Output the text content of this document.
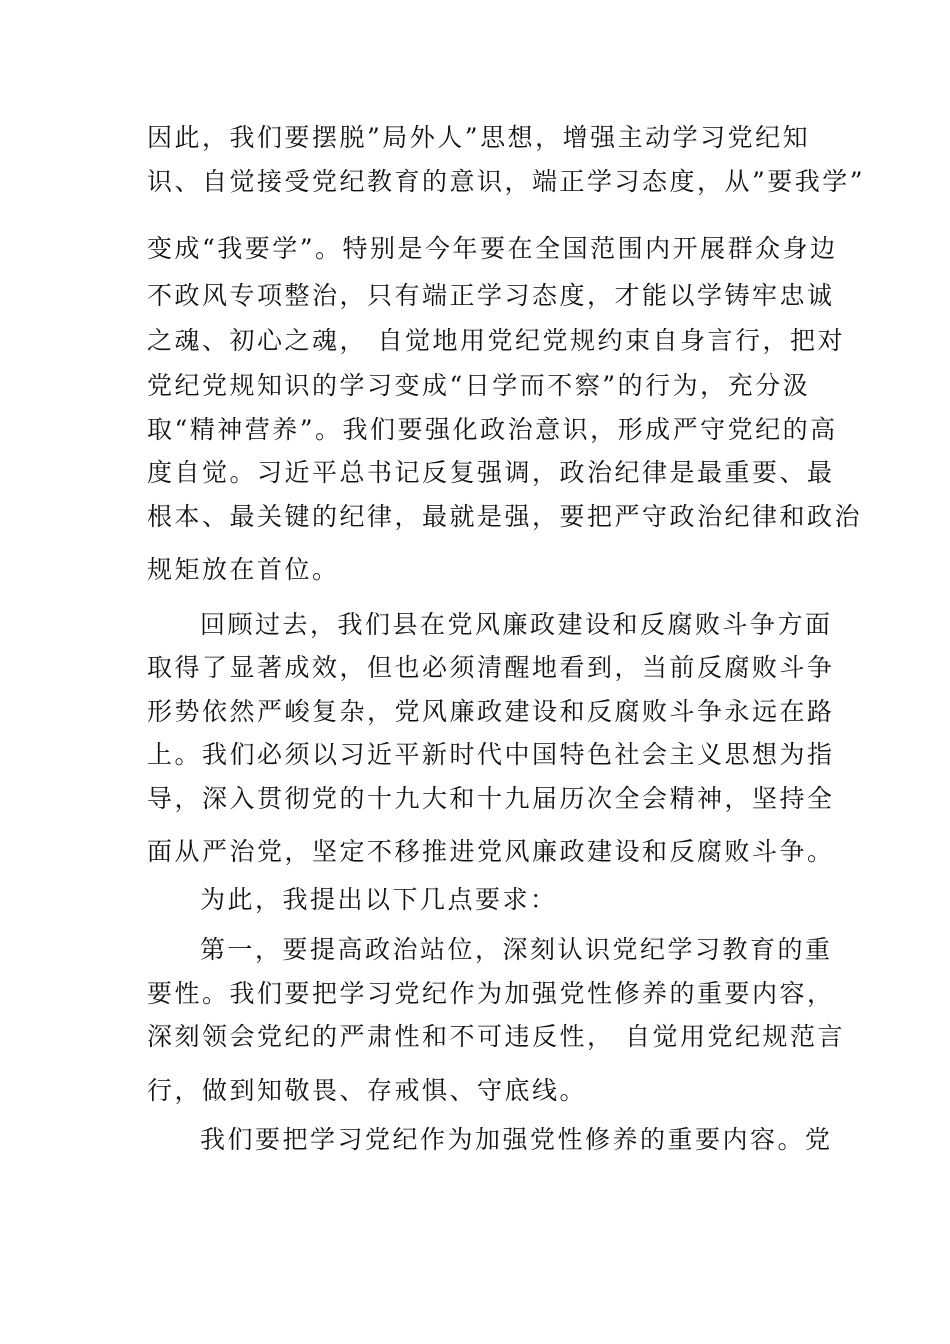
因此，我们要摆脱”局外人”思想，增强主动学习党纪知
识、自觉接受党纪教育的意识，端正学习态度，从”要我学”
变成“我要学”。特别是今年要在全国范围内开展群众身边
不政风专项整治，只有端正学习态度，才能以学铸牢忠诚
之魂、初心之魂， 自觉地用党纪党规约束自身言行，把对
党纪党规知识的学习变成“日学而不察”的行为，充分汲
取“精神营养”。我们要强化政治意识，形成严守党纪的高
度自觉。习近平总书记反复强调，政治纪律是最重要、最
根本、最关键的纪律，最就是强，要把严守政治纪律和政治
规矩放在首位。
回顾过去，我们县在党风廉政建设和反腐败斗争方面
取得了显著成效，但也必须清醒地看到，当前反腐败斗争
形势依然严峻复杂，党风廉政建设和反腐败斗争永远在路
上。我们必须以习近平新时代中国特色社会主义思想为指
导，深入贯彻党的十九大和十九届历次全会精神，坚持全
面从严治党，坚定不移推进党风廉政建设和反腐败斗争。
为此，我提出以下几点要求：
第一，要提高政治站位，深刻认识党纪学习教育的重
要性。我们要把学习党纪作为加强党性修养的重要内容，
深刻领会党纪的严肃性和不可违反性， 自觉用党纪规范言
行，做到知敬畏、存戒惧、守底线。
我们要把学习党纪作为加强党性修养的重要内容。党
